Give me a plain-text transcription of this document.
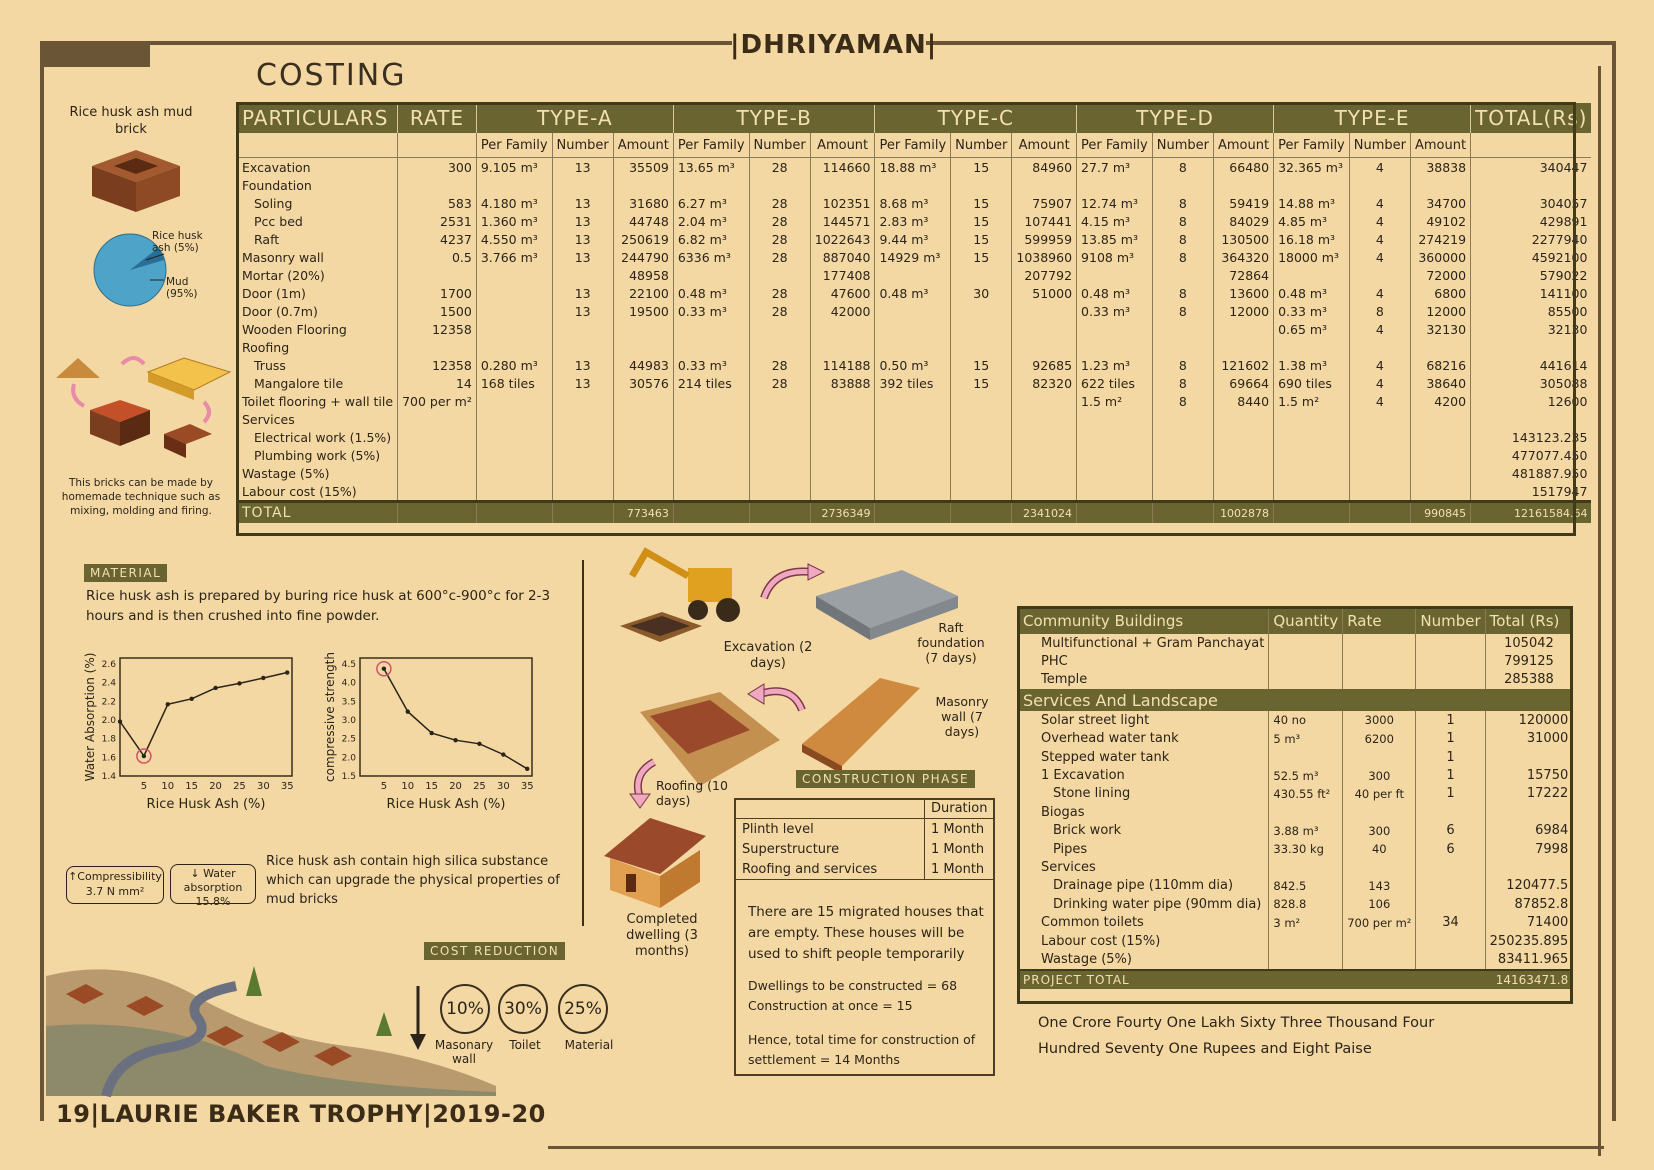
|DHRIYAMAN|
19|LAURIE BAKER TROPHY|2019-20
COSTING
Rice husk ash mud brick
Rice husk ash (5%)
Mud (95%)
This bricks can be made by homemade technique such as mixing, molding and firing.
PARTICULARS	RATE	TYPE-A			TYPE-B			TYPE-C			TYPE-D			TYPE-E			TOTAL(Rs)
		Per Family	Number	Amount	Per Family	Number	Amount	Per Family	Number	Amount	Per Family	Number	Amount	Per Family	Number	Amount	
Excavation	300	9.105 m³	13	35509	13.65 m³	28	114660	18.88 m³	15	84960	27.7 m³	8	66480	32.365 m³	4	38838	340447
Foundation																	
Soling	583	4.180 m³	13	31680	6.27 m³	28	102351	8.68 m³	15	75907	12.74 m³	8	59419	14.88 m³	4	34700	304057
Pcc bed	2531	1.360 m³	13	44748	2.04 m³	28	144571	2.83 m³	15	107441	4.15 m³	8	84029	4.85 m³	4	49102	429891
Raft	4237	4.550 m³	13	250619	6.82 m³	28	1022643	9.44 m³	15	599959	13.85 m³	8	130500	16.18 m³	4	274219	2277940
Masonry wall	0.5	3.766 m³	13	244790	6336 m³	28	887040	14929 m³	15	1038960	9108 m³	8	364320	18000 m³	4	360000	4592100
Mortar (20%)				48958			177408			207792			72864			72000	579022
Door (1m)	1700		13	22100	0.48 m³	28	47600	0.48 m³	30	51000	0.48 m³	8	13600	0.48 m³	4	6800	141100
Door (0.7m)	1500		13	19500	0.33 m³	28	42000				0.33 m³	8	12000	0.33 m³	8	12000	85500
Wooden Flooring	12358													0.65 m³	4	32130	32130
Roofing																	
Truss	12358	0.280 m³	13	44983	0.33 m³	28	114188	0.50 m³	15	92685	1.23 m³	8	121602	1.38 m³	4	68216	441614
Mangalore tile	14	168 tiles	13	30576	214 tiles	28	83888	392 tiles	15	82320	622 tiles	8	69664	690 tiles	4	38640	305088
Toilet flooring + wall tile	700 per m²										1.5 m²	8	8440	1.5 m²	4	4200	12600
Services																	
Electrical work (1.5%)																	143123.235
Plumbing work (5%)																	477077.450
Wastage (5%)																	481887.950
Labour cost (15%)																	1517947
TOTAL				773463			2736349			2341024			1002878			990845	12161584.64
MATERIAL
Rice husk ash is prepared by buring rice husk at 600°c-900°c for 2-3 hours and is then crushed into fine powder.
5 10 15 20 25 30 35
1.4
1.6
1.8
2.0
2.2
2.4
2.6
Rice Husk Ash (%)
Water Absorption (%)
5 10 15 20 25 30 35
1.5
2.0
2.5
3.0
3.5
4.0
4.5
Rice Husk Ash (%)
compressive strength
↑Compressibility 3.7 N mm²
↓ Water absorption 15.8%
Rice husk ash contain high silica substance which can upgrade the physical properties of mud bricks
COST REDUCTION
10%	30%	25%
Masonary wall
Toilet	Material
Excavation (2 days)
Raft foundation (7 days)
Masonry wall (7 days)
Roofing (10 days)
Completed dwelling (3 months)
CONSTRUCTION PHASE
	Duration
Plinth level	1 Month
Superstructure	1 Month
Roofing and services	1 Month
There are 15 migrated houses that are empty. These houses will be used to shift people temporarily
Dwellings to be constructed = 68
Construction at once = 15
Hence, total time for construction of settlement = 14 Months
Community Buildings	Quantity	Rate	Number	Total (Rs)
Multifunctional + Gram Panchayat				105042
PHC				799125
Temple				285388
Services And Landscape				
Solar street light	40 no	3000	1	120000
Overhead water tank	5 m³	6200	1	31000
Stepped water tank			1	
1 Excavation	52.5 m³	300	1	15750
Stone lining	430.55 ft²	40 per ft	1	17222
Biogas				
Brick work	3.88 m³	300	6	6984
Pipes	33.30 kg	40	6	7998
Services				
Drainage pipe (110mm dia)	842.5	143		120477.5
Drinking water pipe (90mm dia)	828.8	106		87852.8
Common toilets	3 m²	700 per m²	34	71400
Labour cost (15%)				250235.895
Wastage (5%)				83411.965
PROJECT TOTAL				14163471.8
One Crore Fourty One Lakh Sixty Three Thousand Four Hundred Seventy One Rupees and Eight Paise
